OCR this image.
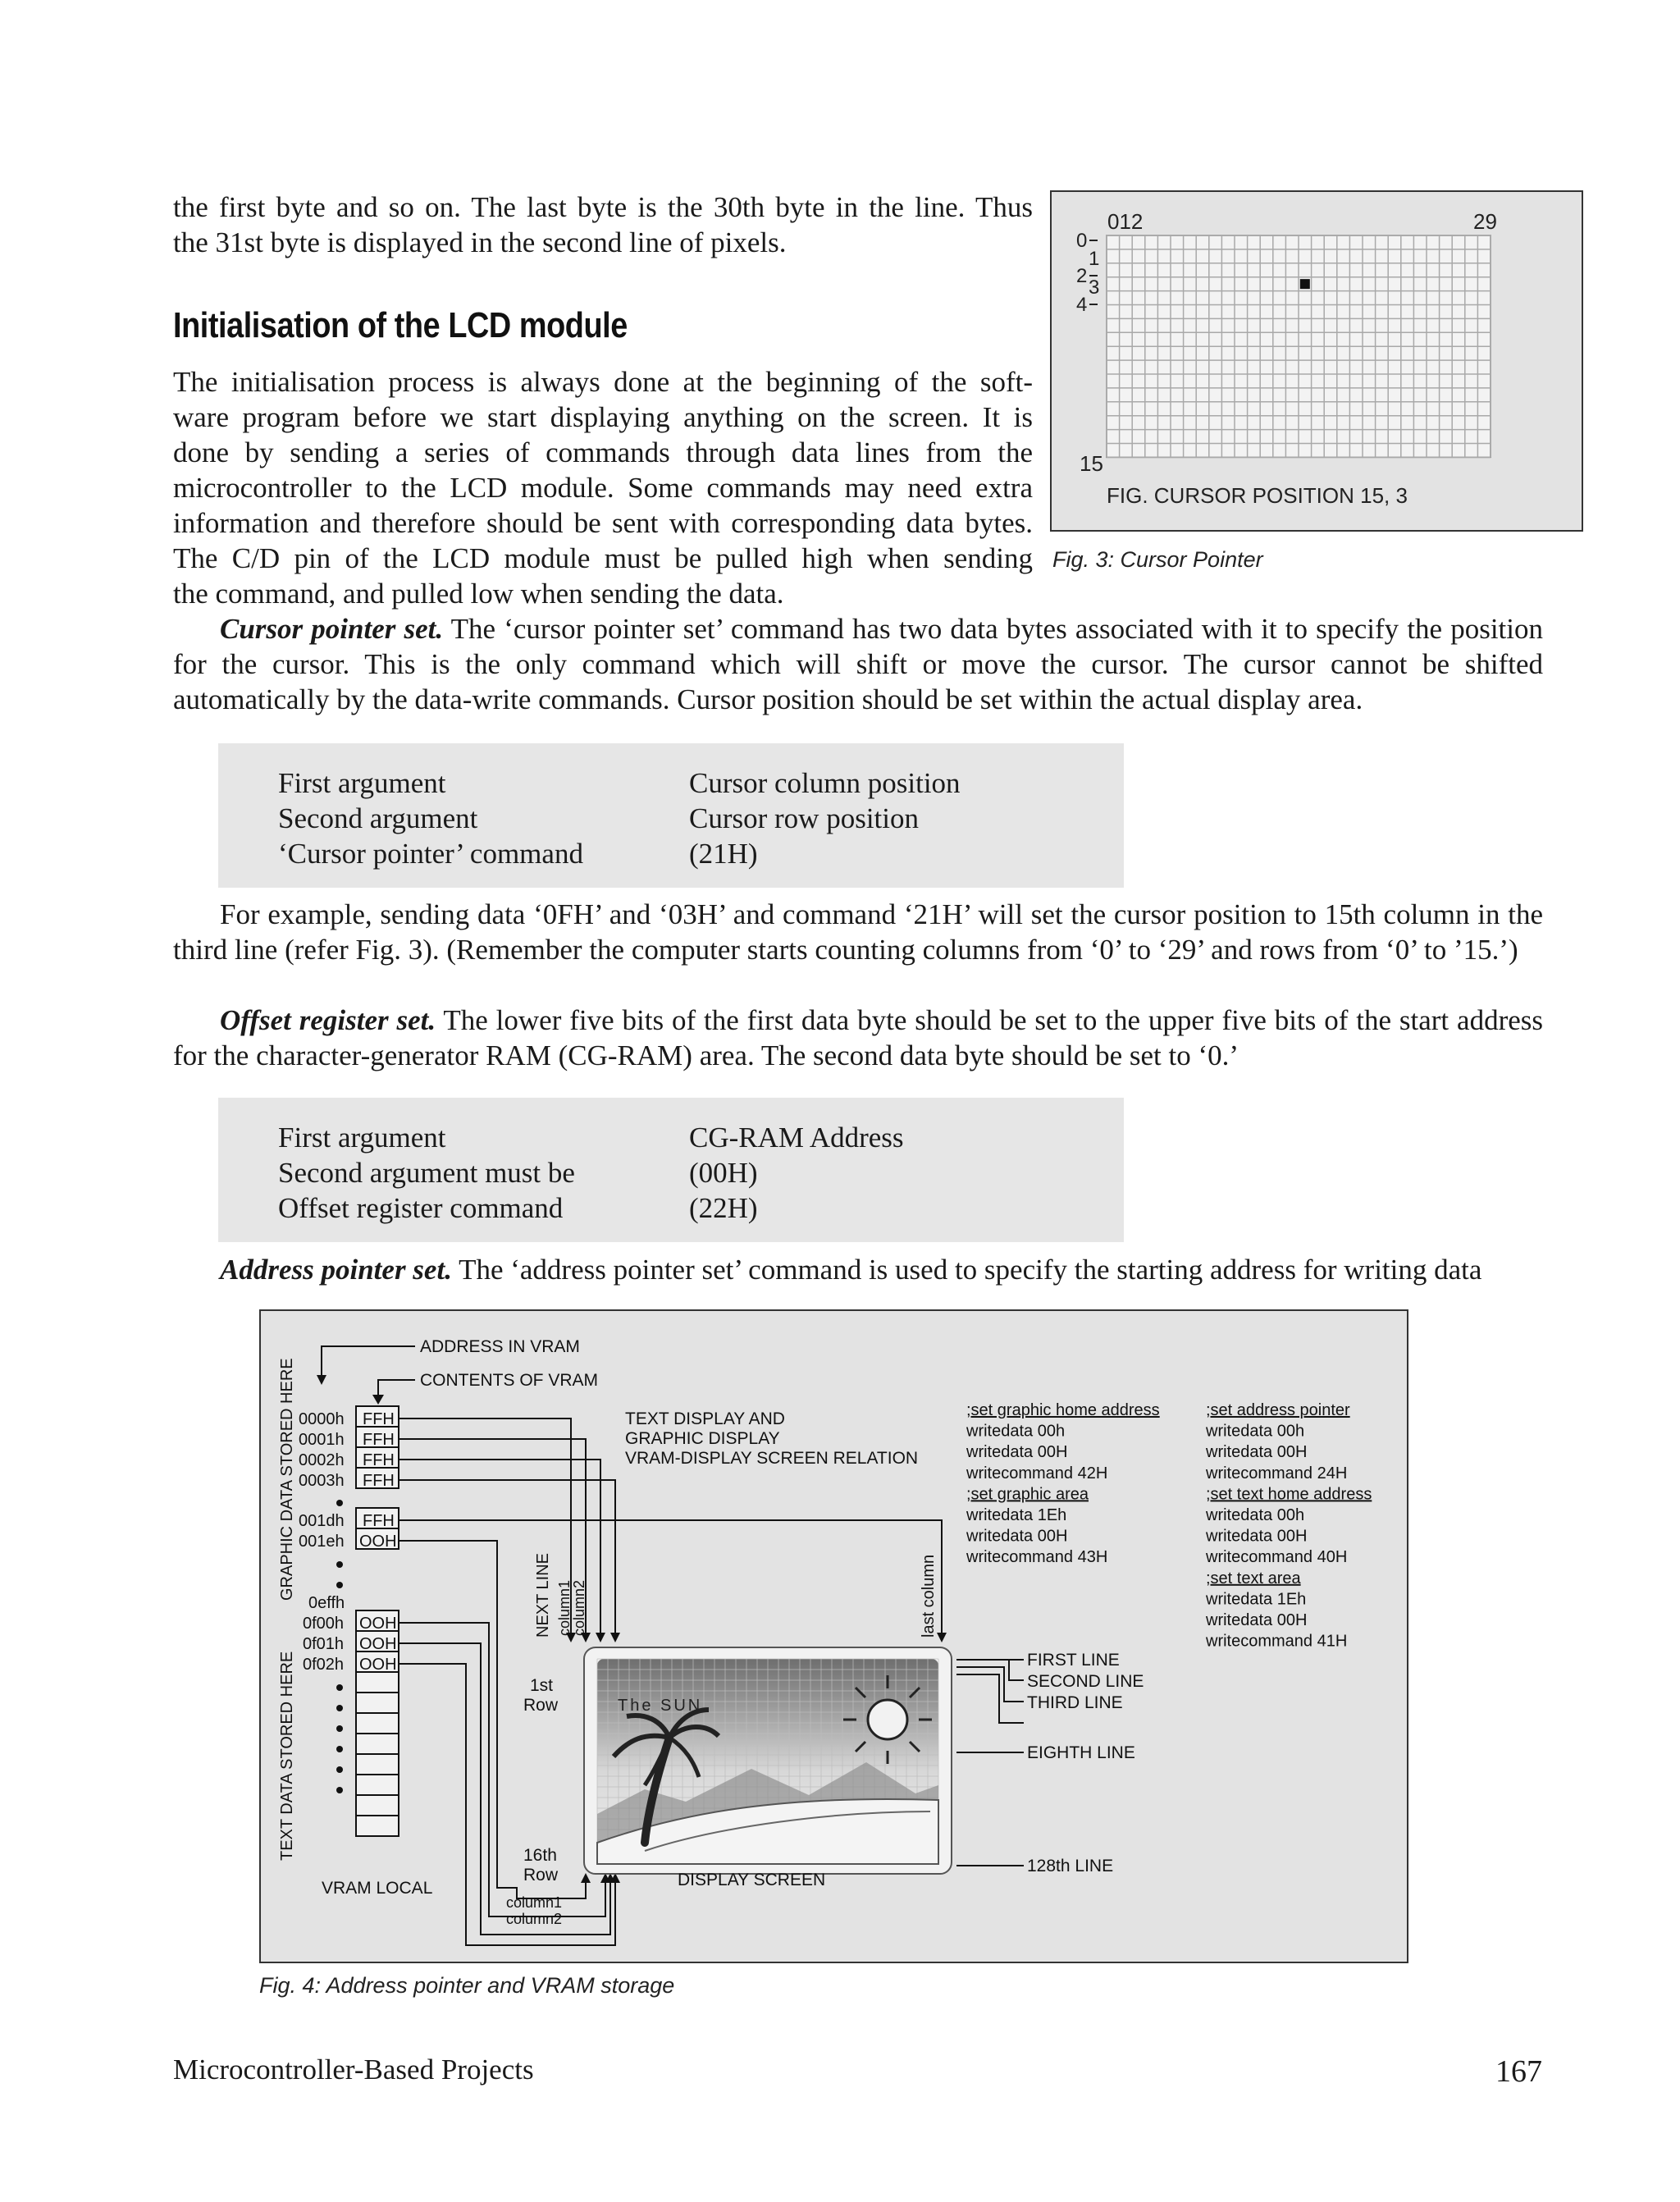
the first byte and so on. The last byte is the 30th byte in the line. Thus
the 31st byte is displayed in the second line of pixels.
Initialisation of the LCD module
The initialisation process is always done at the beginning of the soft-
ware program before we start displaying anything on the screen. It is
done by sending a series of commands through data lines from the
microcontroller to the LCD module. Some commands may need extra
information and therefore should be sent with corresponding data bytes.
The C/D pin of the LCD module must be pulled high when sending
the command, and pulled low when sending the data.
012	29
0
2
4
1
3
15
FIG. CURSOR POSITION 15, 3
Fig. 3: Cursor Pointer

Cursor pointer set. The ‘cursor pointer set’ command has two data bytes associated with it to specify the position for the cursor. This is the only command which will shift or move the cursor. The cursor cannot be shifted automatically by the data-write commands. Cursor position should be set within the actual display area.

First argument	Cursor column position
Second argument	Cursor row position
‘Cursor pointer’ command	(21H)

For example, sending data ‘0FH’ and ‘03H’ and command ‘21H’ will set the cursor position to 15th column in the third line (refer Fig. 3). (Remember the computer starts counting columns from ‘0’ to ‘29’ and rows from ‘0’ to ’15.’)

Offset register set. The lower five bits of the first data byte should be set to the upper five bits of the start address for the character-generator RAM (CG-RAM) area. The second data byte should be set to ‘0.’

First argument	CG-RAM Address
Second argument must be	(00H)
Offset register command	(22H)

Address pointer set. The ‘address pointer set’ command is used to specify the starting address for writing data

ADDRESS IN VRAM
CONTENTS OF VRAM
GRAPHIC DATA STORED HERE
TEXT DATA STORED HERE
0000h
0001h
0002h
0003h
001dh
001eh
0effh
0f00h
0f01h
0f02h
FFH
FFH
FFH
FFH
FFH
OOH
OOH
OOH
OOH
VRAM LOCAL
NEXT LINE column1
column2	last column
1st
Row
16th
Row
column1
column2
TEXT DISPLAY AND
GRAPHIC DISPLAY
VRAM-DISPLAY SCREEN RELATION
The SUN
DISPLAY SCREEN
FIRST LINE
SECOND LINE
THIRD LINE
EIGHTH LINE
128th LINE
;set graphic home address
writedata 00h
writedata 00H
writecommand 42H
;set graphic area
writedata 1Eh
writedata 00H
writecommand 43H
;set address pointer
writedata 00h
writedata 00H
writecommand 24H
;set text home address
writedata 00h
writedata 00H
writecommand 40H
;set text area
writedata 1Eh
writedata 00H
writecommand 41H
Fig. 4: Address pointer and VRAM storage
Microcontroller-Based Projects	167
